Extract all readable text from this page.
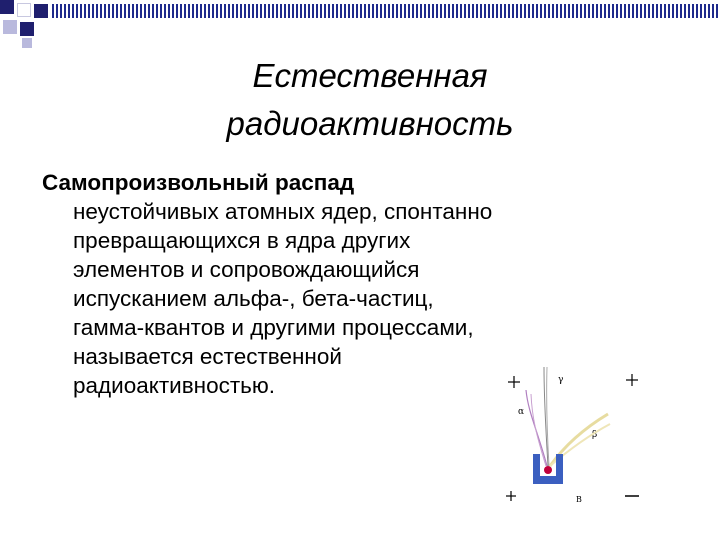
Естественная
радиоактивность
Самопроизвольный распад
неустойчивых атомных ядер, спонтанно
превращающихся в ядра других
элементов и сопровождающийся
испусканием альфа-, бета-частиц,
гамма-квантов и другими процессами,
называется естественной
радиоактивностью.	γ
α
β
B
